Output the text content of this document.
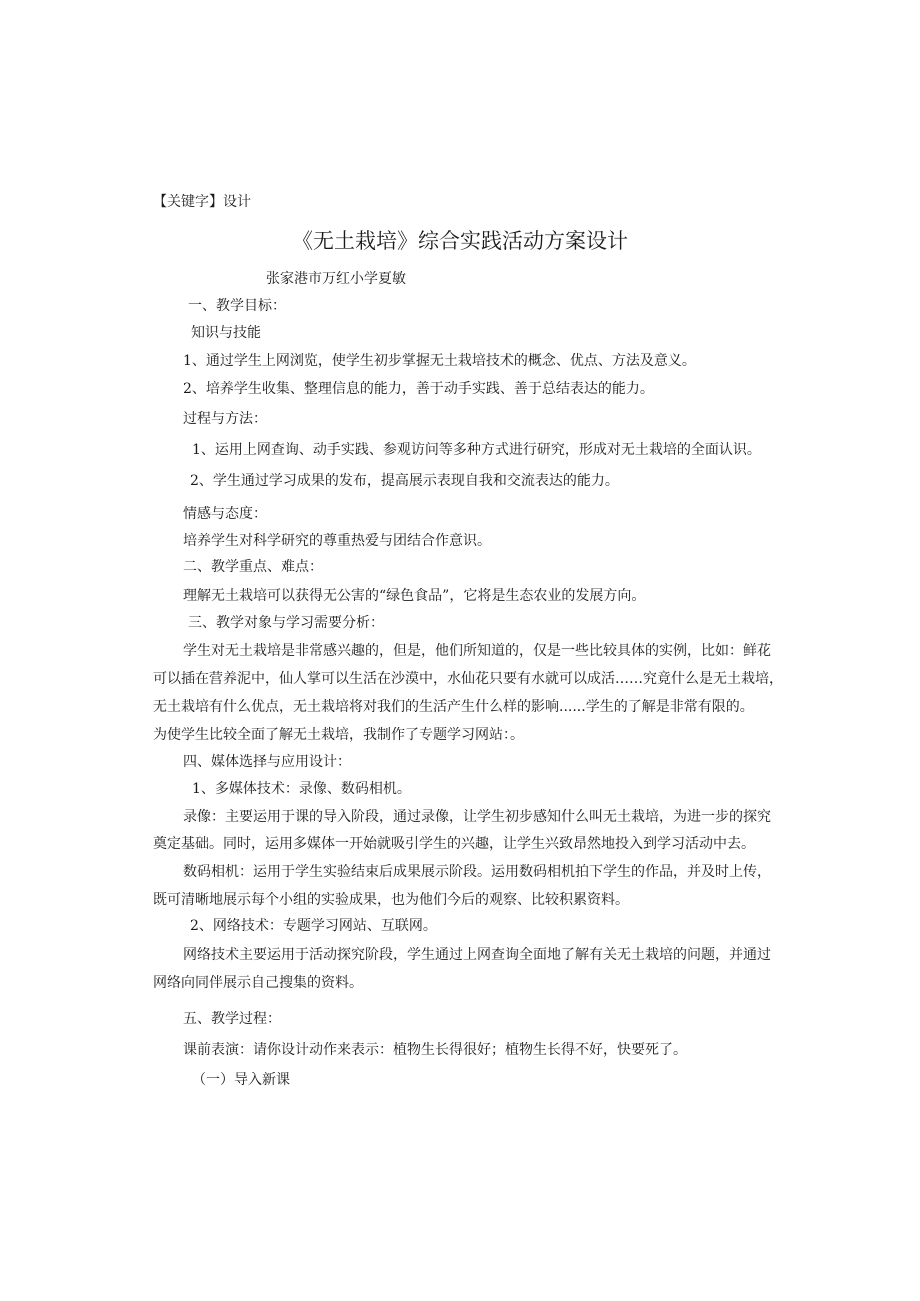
【关键字】设计
《无土栽培》综合实践活动方案设计
张家港市万红小学夏敏
一、教学目标：
知识与技能
1、通过学生上网浏览，使学生初步掌握无土栽培技术的概念、优点、方法及意义。
2、培养学生收集、整理信息的能力，善于动手实践、善于总结表达的能力。
过程与方法：
1、运用上网查询、动手实践、参观访问等多种方式进行研究，形成对无土栽培的全面认识。
2、学生通过学习成果的发布，提高展示表现自我和交流表达的能力。
情感与态度：
培养学生对科学研究的尊重热爱与团结合作意识。
二、教学重点、难点：
理解无土栽培可以获得无公害的“绿色食品”，它将是生态农业的发展方向。
三、教学对象与学习需要分析：
学生对无土栽培是非常感兴趣的，但是，他们所知道的，仅是一些比较具体的实例，比如：鲜花
可以插在营养泥中，仙人掌可以生活在沙漠中，水仙花只要有水就可以成活……究竟什么是无土栽培，
无土栽培有什么优点，无土栽培将对我们的生活产生什么样的影响......学生的了解是非常有限的。
为使学生比较全面了解无土栽培，我制作了专题学习网站：。
四、媒体选择与应用设计：
1、多媒体技术：录像、数码相机。
录像：主要运用于课的导入阶段，通过录像，让学生初步感知什么叫无土栽培，为进一步的探究
奠定基础。同时，运用多媒体一开始就吸引学生的兴趣，让学生兴致昂然地投入到学习活动中去。
数码相机：运用于学生实验结束后成果展示阶段。运用数码相机拍下学生的作品，并及时上传，
既可清晰地展示每个小组的实验成果，也为他们今后的观察、比较积累资料。
2、网络技术：专题学习网站、互联网。
网络技术主要运用于活动探究阶段，学生通过上网查询全面地了解有关无土栽培的问题，并通过
网络向同伴展示自己搜集的资料。
五、教学过程：
课前表演：请你设计动作来表示：植物生长得很好；植物生长得不好，快要死了。
（一）导入新课
